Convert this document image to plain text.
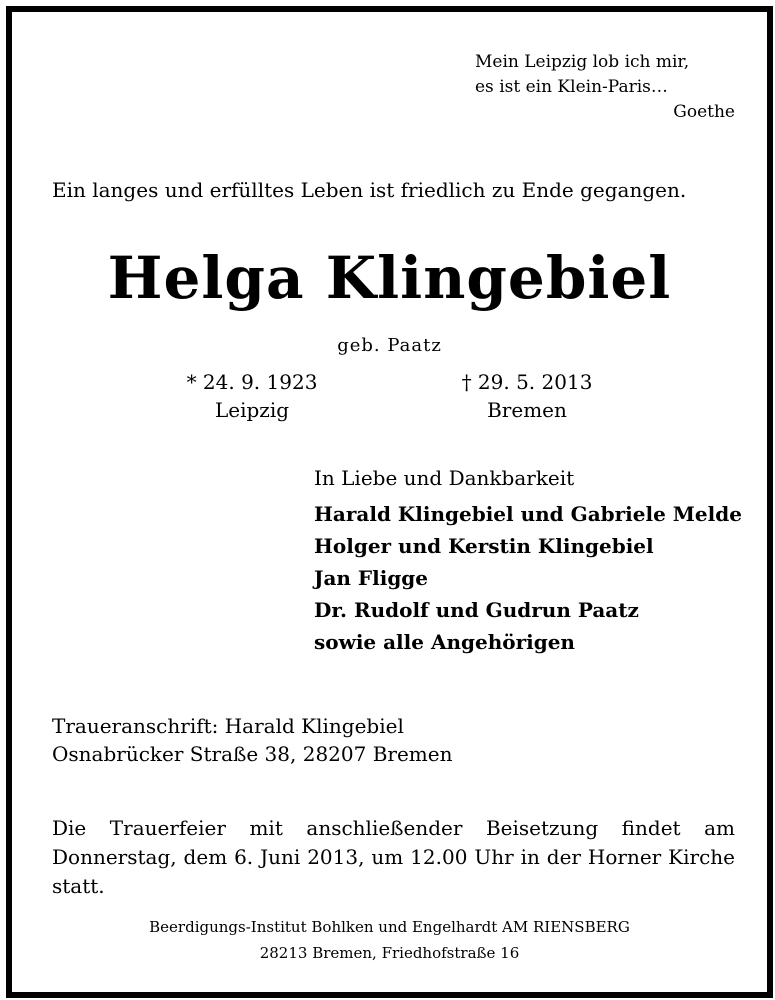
Mein Leipzig lob ich mir,
es ist ein Klein-Paris…
Goethe
Ein langes und erfülltes Leben ist friedlich zu Ende gegangen.
Helga Klingebiel
geb. Paatz
* 24. 9. 1923
Leipzig
† 29. 5. 2013
Bremen
In Liebe und Dankbarkeit
Harald Klingebiel und Gabriele Melde
Holger und Kerstin Klingebiel
Jan Fligge
Dr. Rudolf und Gudrun Paatz
sowie alle Angehörigen
Traueranschrift: Harald Klingebiel
Osnabrücker Straße 38, 28207 Bremen
Die Trauerfeier mit anschließender Beisetzung findet am Donnerstag, dem 6. Juni 2013, um 12.00 Uhr in der Horner Kirche statt.
Beerdigungs-Institut Bohlken und Engelhardt AM RIENSBERG
28213 Bremen, Friedhofstraße 16
